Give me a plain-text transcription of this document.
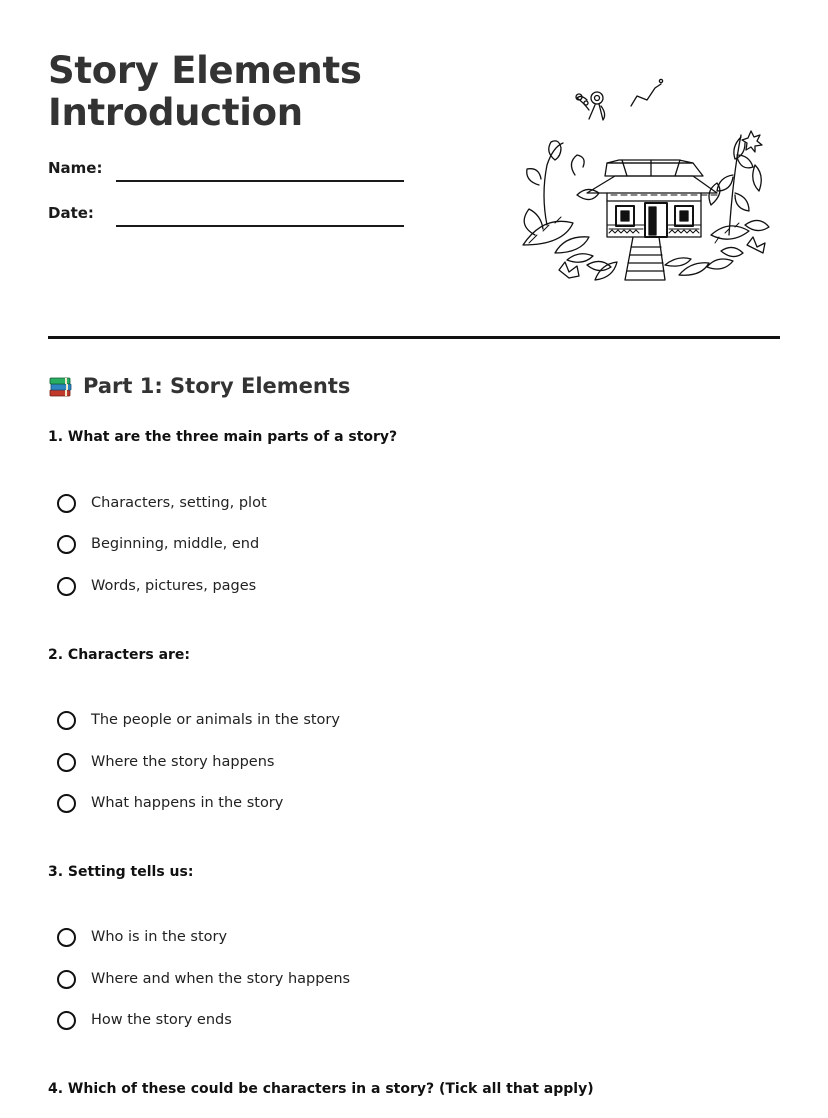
Story Elements
Introduction
Name:
Date:
Part 1: Story Elements

1. What are the three main parts of a story?

Characters, setting, plot
Beginning, middle, end
Words, pictures, pages

2. Characters are:

The people or animals in the story
Where the story happens
What happens in the story

3. Setting tells us:

Who is in the story
Where and when the story happens
How the story ends

4. Which of these could be characters in a story? (Tick all that apply)
